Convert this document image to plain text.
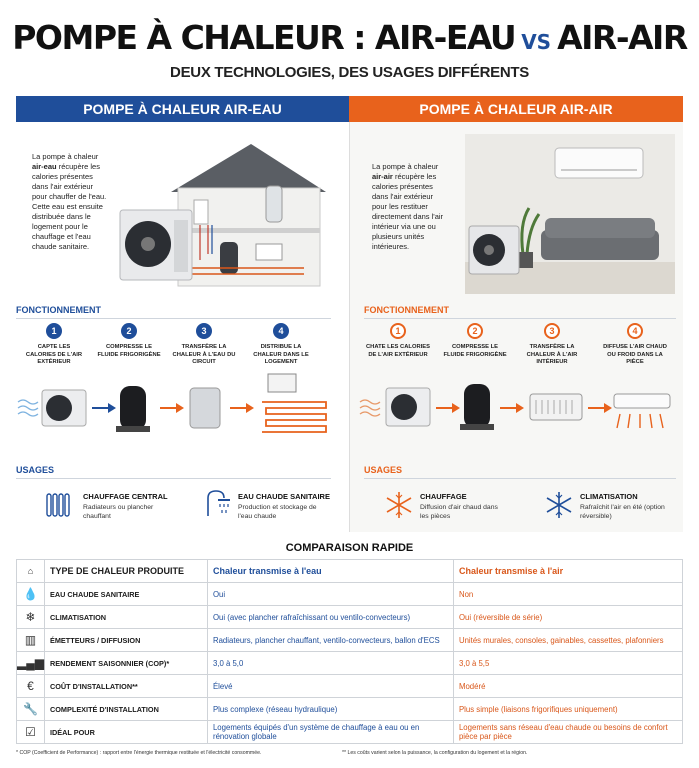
POMPE À CHALEUR : AIR-EAU VS AIR-AIR
DEUX TECHNOLOGIES, DES USAGES DIFFÉRENTS
POMPE À CHALEUR AIR-EAU	POMPE À CHALEUR AIR-AIR
La pompe à chaleur air-eau récupère les calories présentes dans l'air extérieur pour chauffer de l'eau. Cette eau est ensuite distribuée dans le logement pour le chauffage et l'eau chaude sanitaire.
FONCTIONNEMENT
1	2	3	4
CAPTE LES CALORIES DE L'AIR EXTÉRIEUR
COMPRESSE LE FLUIDE FRIGORIGÈNE
TRANSFÈRE LA CHALEUR À L'EAU DU CIRCUIT
DISTRIBUE LA CHALEUR DANS LE LOGEMENT
USAGES
CHAUFFAGE CENTRAL
Radiateurs ou plancher chauffant
EAU CHAUDE SANITAIRE
Production et stockage de l'eau chaude
La pompe à chaleur air-air récupère les calories présentes dans l'air extérieur pour les restituer directement dans l'air intérieur via une ou plusieurs unités intérieures.
FONCTIONNEMENT
1	2	3	4
CHATE LES CALORIES DE L'AIR EXTÉRIEUR
COMPRESSE LE FLUIDE FRIGORIGÈNE
TRANSFÈRE LA CHALEUR À L'AIR INTÉRIEUR
DIFFUSE L'AIR CHAUD OU FROID DANS LA PIÈCE
USAGES
CHAUFFAGE
Diffusion d'air chaud dans les pièces
CLIMATISATION
Rafraîchit l'air en été (option réversible)
COMPARAISON RAPIDE
⌂	TYPE DE CHALEUR PRODUITE	Chaleur transmise à l'eau	Chaleur transmise à l'air
💧	EAU CHAUDE SANITAIRE	Oui	Non
❄	CLIMATISATION	Oui (avec plancher rafraîchissant ou ventilo-convecteurs)	Oui (réversible de série)
▥	ÉMETTEURS / DIFFUSION	Radiateurs, plancher chauffant, ventilo-convecteurs, ballon d'ECS	Unités murales, consoles, gainables, cassettes, plafonniers
▂▄▆	RENDEMENT SAISONNIER (COP)*	3,0 à 5,0	3,0 à 5,5
€	COÛT D'INSTALLATION**	Élevé	Modéré
🔧	COMPLEXITÉ D'INSTALLATION	Plus complexe (réseau hydraulique)	Plus simple (liaisons frigorifiques uniquement)
☑	IDÉAL POUR	Logements équipés d'un système de chauffage à eau ou en rénovation globale	Logements sans réseau d'eau chaude ou besoins de confort pièce par pièce
* COP (Coefficient de Performance) : rapport entre l'énergie thermique restituée et l'électricité consommée.	** Les coûts varient selon la puissance, la configuration du logement et la région.
